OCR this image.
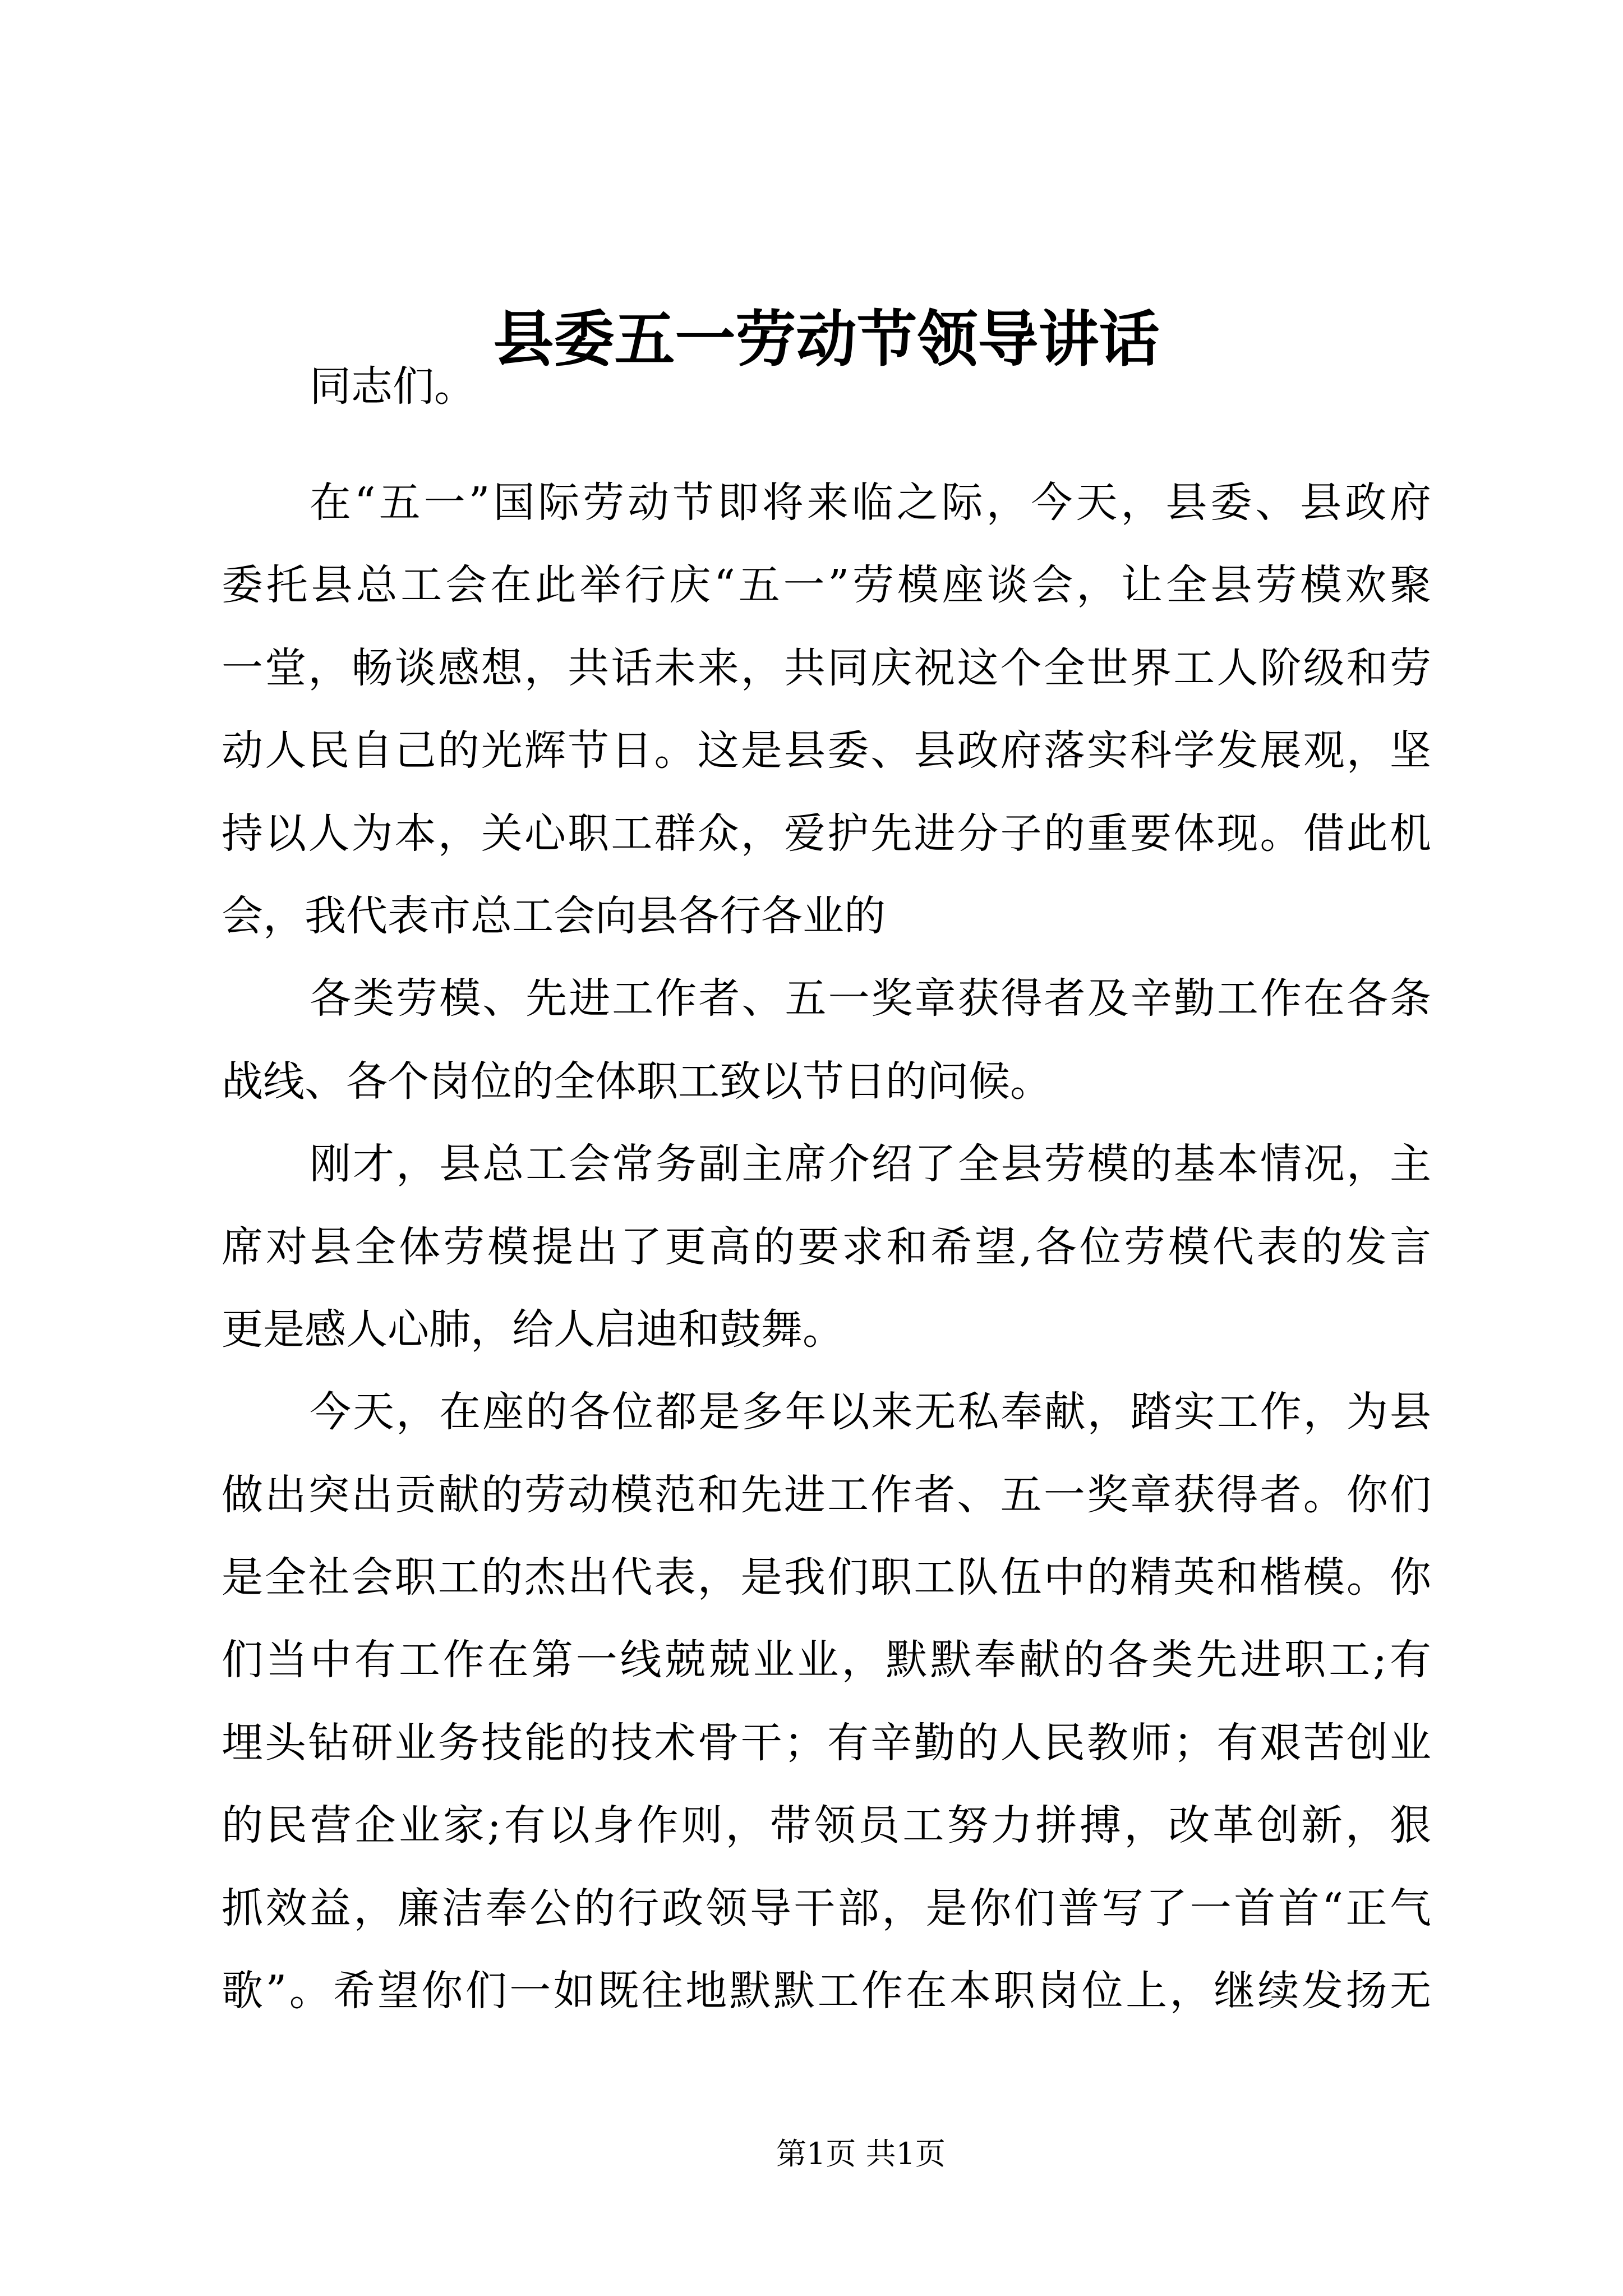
县委五一劳动节领导讲话
同志们。
在“五一”国际劳动节即将来临之际，今天，县委、县政府
委托县总工会在此举行庆“五一”劳模座谈会，让全县劳模欢聚
一堂，畅谈感想，共话未来，共同庆祝这个全世界工人阶级和劳
动人民自己的光辉节日。这是县委、县政府落实科学发展观，坚
持以人为本，关心职工群众，爱护先进分子的重要体现。借此机
会，我代表市总工会向县各行各业的
各类劳模、先进工作者、五一奖章获得者及辛勤工作在各条
战线、各个岗位的全体职工致以节日的问候。
刚才，县总工会常务副主席介绍了全县劳模的基本情况，主
席对县全体劳模提出了更高的要求和希望,各位劳模代表的发言
更是感人心肺，给人启迪和鼓舞。
今天，在座的各位都是多年以来无私奉献，踏实工作，为县
做出突出贡献的劳动模范和先进工作者、五一奖章获得者。你们
是全社会职工的杰出代表，是我们职工队伍中的精英和楷模。你
们当中有工作在第一线兢兢业业，默默奉献的各类先进职工;有
埋头钻研业务技能的技术骨干；有辛勤的人民教师；有艰苦创业
的民营企业家;有以身作则，带领员工努力拼搏，改革创新，狠
抓效益，廉洁奉公的行政领导干部，是你们普写了一首首“正气
歌”。希望你们一如既往地默默工作在本职岗位上，继续发扬无
第1页 共1页
